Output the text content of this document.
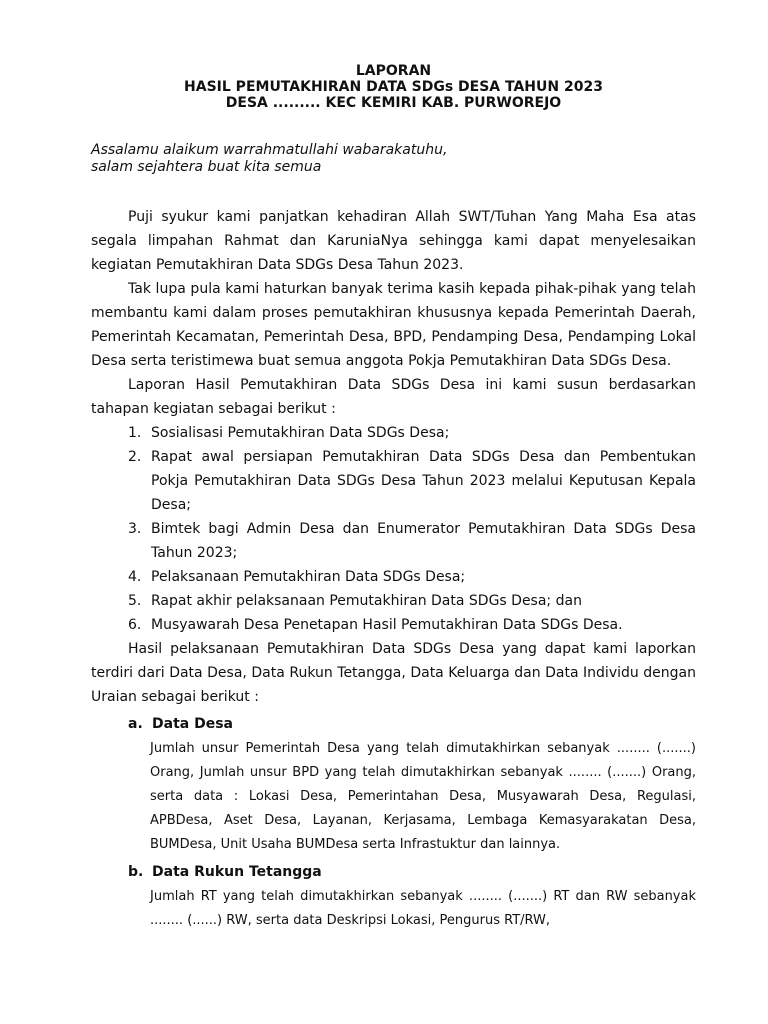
LAPORAN
HASIL PEMUTAKHIRAN DATA SDGs DESA TAHUN 2023
DESA ......... KEC KEMIRI KAB. PURWOREJO
Assalamu alaikum warrahmatullahi wabarakatuhu,
salam sejahtera buat kita semua

Puji syukur kami panjatkan kehadiran Allah SWT/Tuhan Yang Maha Esa atas segala limpahan Rahmat dan KaruniaNya sehingga kami dapat menyelesaikan kegiatan Pemutakhiran Data SDGs Desa Tahun 2023.

Tak lupa pula kami haturkan banyak terima kasih kepada pihak-pihak yang telah membantu kami dalam proses pemutakhiran khususnya kepada Pemerintah Daerah, Pemerintah Kecamatan, Pemerintah Desa, BPD, Pendamping Desa, Pendamping Lokal Desa serta teristimewa buat semua anggota Pokja Pemutakhiran Data SDGs Desa.

Laporan Hasil Pemutakhiran Data SDGs Desa ini kami susun berdasarkan tahapan kegiatan sebagai berikut :

1. Sosialisasi Pemutakhiran Data SDGs Desa;
2. Rapat awal persiapan Pemutakhiran Data SDGs Desa dan Pembentukan Pokja Pemutakhiran Data SDGs Desa Tahun 2023 melalui Keputusan Kepala Desa;
3. Bimtek bagi Admin Desa dan Enumerator Pemutakhiran Data SDGs Desa Tahun 2023;
4. Pelaksanaan Pemutakhiran Data SDGs Desa;
5. Rapat akhir pelaksanaan Pemutakhiran Data SDGs Desa; dan
6. Musyawarah Desa Penetapan Hasil Pemutakhiran Data SDGs Desa.

Hasil pelaksanaan Pemutakhiran Data SDGs Desa yang dapat kami laporkan terdiri dari Data Desa, Data Rukun Tetangga, Data Keluarga dan Data Individu dengan Uraian sebagai berikut :

a. Data Desa
Jumlah unsur Pemerintah Desa yang telah dimutakhirkan sebanyak ........ (.......) Orang, Jumlah unsur BPD yang telah dimutakhirkan sebanyak ........ (.......) Orang, serta data : Lokasi Desa, Pemerintahan Desa, Musyawarah Desa, Regulasi, APBDesa, Aset Desa, Layanan, Kerjasama, Lembaga Kemasyarakatan Desa, BUMDesa, Unit Usaha BUMDesa serta Infrastuktur dan lainnya.
b. Data Rukun Tetangga
Jumlah RT yang telah dimutakhirkan sebanyak ........ (.......) RT dan RW sebanyak ........ (......) RW, serta data Deskripsi Lokasi, Pengurus RT/RW,
